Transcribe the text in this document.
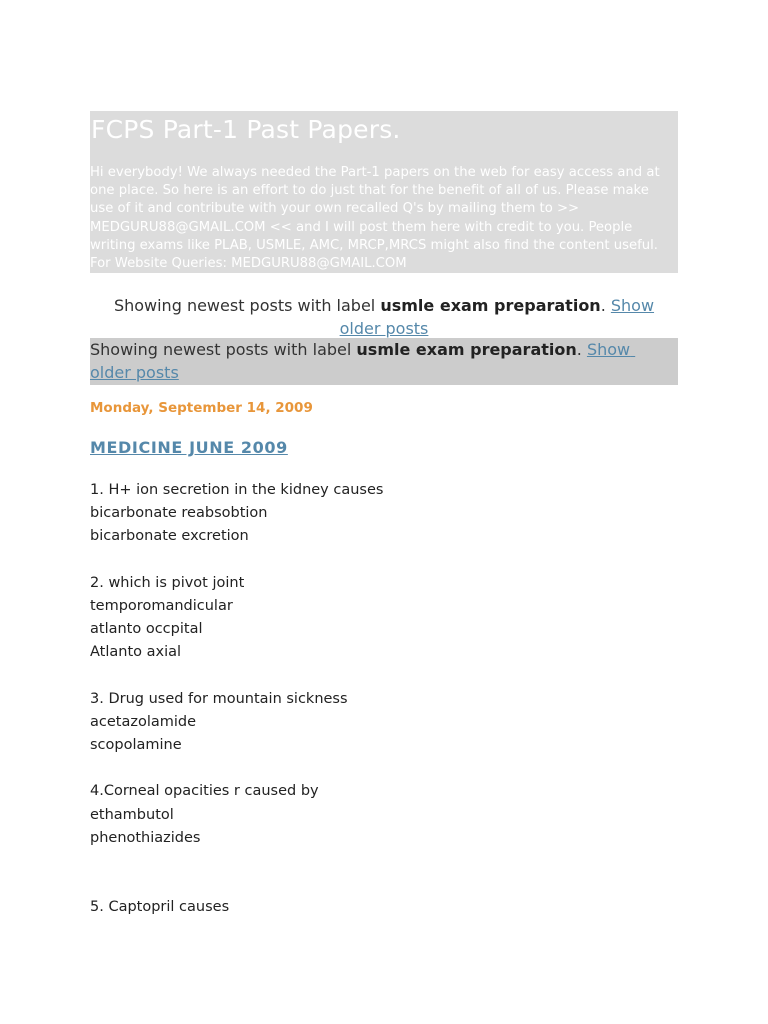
FCPS Part-1 Past Papers.
Hi everybody! We always needed the Part-1 papers on the web for easy access and at
one place. So here is an effort to do just that for the benefit of all of us. Please make
use of it and contribute with your own recalled Q's by mailing them to >>
MEDGURU88@GMAIL.COM << and I will post them here with credit to you. People
writing exams like PLAB, USMLE, AMC, MRCP,MRCS might also find the content useful.
For Website Queries: MEDGURU88@GMAIL.COM
Showing newest posts with label usmle exam preparation. Show
older posts
Showing newest posts with label usmle exam preparation. Show
older posts
Monday, September 14, 2009
MEDICINE JUNE 2009
1. H+ ion secretion in the kidney causes
bicarbonate reabsobtion
bicarbonate excretion
2. which is pivot joint
temporomandicular
atlanto occpital
Atlanto axial
3. Drug used for mountain sickness
acetazolamide
scopolamine
4.Corneal opacities r caused by
ethambutol
phenothiazides
5. Captopril causes
